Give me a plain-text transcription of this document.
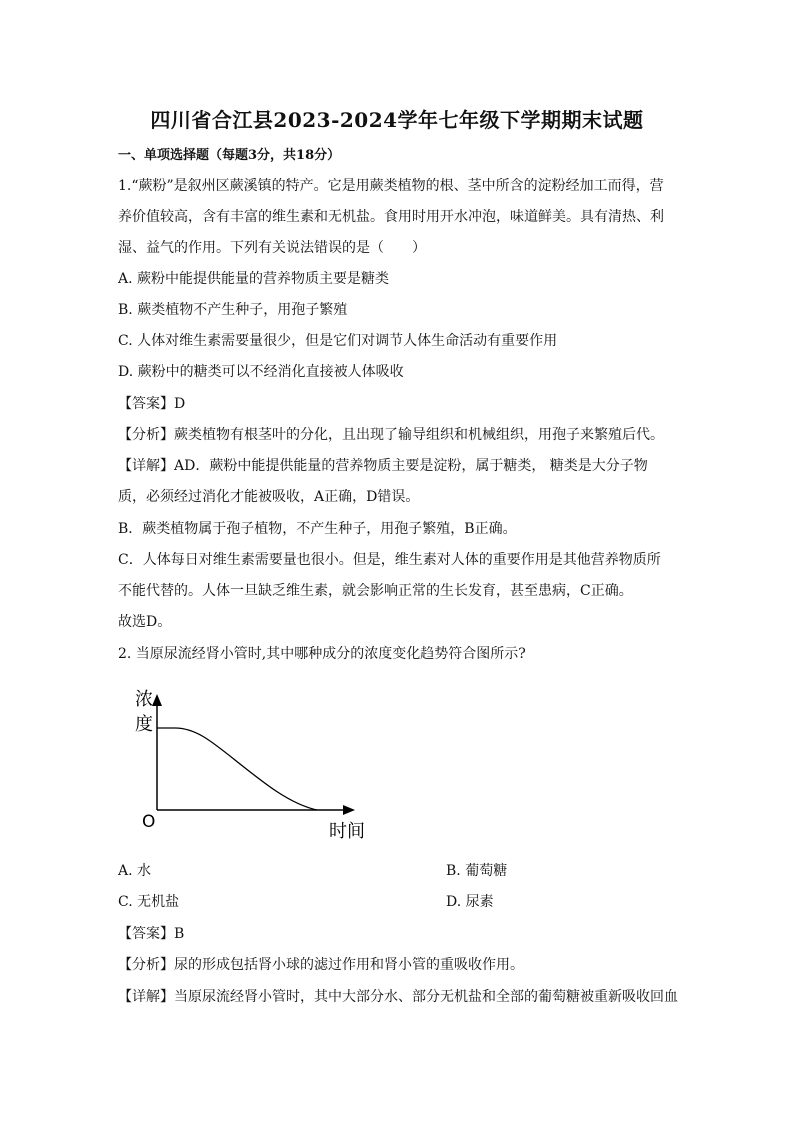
四川省合江县2023-2024学年七年级下学期期末试题
一、单项选择题（每题3分，共18分）
1.“蕨粉”是叙州区蕨溪镇的特产。它是用蕨类植物的根、茎中所含的淀粉经加工而得，营
养价值较高，含有丰富的维生素和无机盐。食用时用开水冲泡，味道鲜美。具有清热、利
湿、益气的作用。下列有关说法错误的是（　　）
A. 蕨粉中能提供能量的营养物质主要是糖类
B. 蕨类植物不产生种子，用孢子繁殖
C. 人体对维生素需要量很少，但是它们对调节人体生命活动有重要作用
D. 蕨粉中的糖类可以不经消化直接被人体吸收
【答案】D
【分析】蕨类植物有根茎叶的分化，且出现了输导组织和机械组织，用孢子来繁殖后代。
【详解】AD．蕨粉中能提供能量的营养物质主要是淀粉，属于糖类， 糖类是大分子物
质，必须经过消化才能被吸收，A正确，D错误。
B．蕨类植物属于孢子植物，不产生种子，用孢子繁殖，B正确。
C．人体每日对维生素需要量也很小。但是，维生素对人体的重要作用是其他营养物质所
不能代替的。人体一旦缺乏维生素，就会影响正常的生长发育，甚至患病，C正确。
故选D。
2. 当原尿流经肾小管时,其中哪种成分的浓度变化趋势符合图所示?
浓
度
O	时间
A. 水	B. 葡萄糖
C. 无机盐	D. 尿素
【答案】B
【分析】尿的形成包括肾小球的滤过作用和肾小管的重吸收作用。
【详解】当原尿流经肾小管时，其中大部分水、部分无机盐和全部的葡萄糖被重新吸收回血
